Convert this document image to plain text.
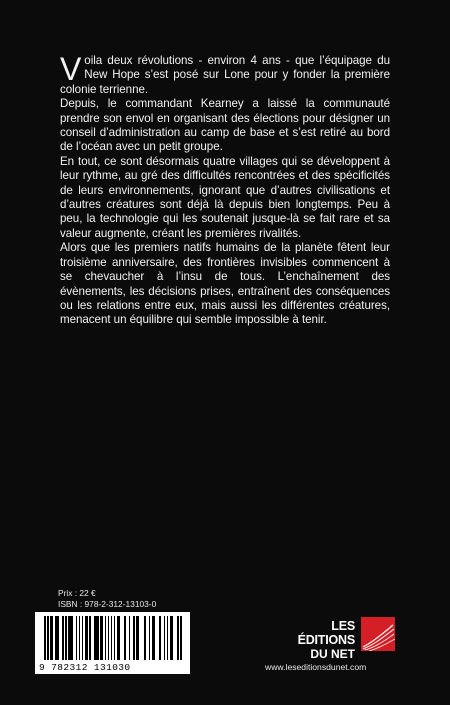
Voila deux révolutions - environ 4 ans - que l’équipage du New Hope s’est posé sur Lone pour y fonder la première colonie terrienne.

Depuis, le commandant Kearney a laissé la communauté prendre son envol en organisant des élections pour désigner un conseil d’administration au camp de base et s’est retiré au bord de l’océan avec un petit groupe.

En tout, ce sont désormais quatre villages qui se développent à leur rythme, au gré des difficultés rencontrées et des spécificités de leurs environnements, ignorant que d’autres civilisations et d’autres créatures sont déjà là depuis bien longtemps. Peu à peu, la technologie qui les soutenait jusque-là se fait rare et sa valeur augmente, créant les premières rivalités.

Alors que les premiers natifs humains de la planète fêtent leur troisième anniversaire, des frontières invisibles commencent à se chevaucher à l’insu de tous. L’enchaînement des évènements, les décisions prises, entraînent des conséquences ou les relations entre eux, mais aussi les différentes créatures, menacent un équilibre qui semble impossible à tenir.

Prix : 22 €
ISBN : 978-2-312-13103-0
9 782312 131030
LES ÉDITIONS
DU NET
www.leseditionsdunet.com
